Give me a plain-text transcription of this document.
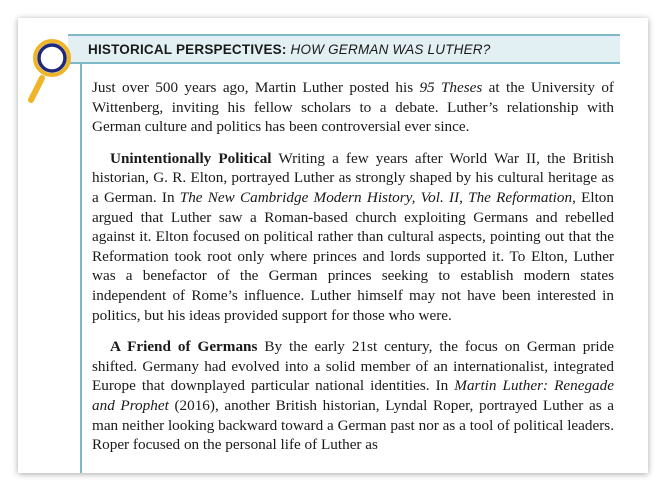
HISTORICAL PERSPECTIVES: HOW GERMAN WAS LUTHER?

Just over 500 years ago, Martin Luther posted his 95 Theses at the University of Wittenberg, inviting his fellow scholars to a debate. Luther’s relationship with German culture and politics has been controversial ever since.

Unintentionally Political Writing a few years after World War II, the British historian, G. R. Elton, portrayed Luther as strongly shaped by his cultural heritage as a German. In The New Cambridge Modern History, Vol. II, The Reformation, Elton argued that Luther saw a Roman-based church exploiting Germans and rebelled against it. Elton focused on political rather than cultural aspects, pointing out that the Reformation took root only where princes and lords supported it. To Elton, Luther was a benefactor of the German princes seeking to establish modern states independent of Rome’s influence. Luther himself may not have been interested in politics, but his ideas provided support for those who were.

A Friend of Germans By the early 21st century, the focus on German pride shifted. Germany had evolved into a solid member of an internationalist, integrated Europe that downplayed particular national identities. In Martin Luther: Renegade and Prophet (2016), another British historian, Lyndal Roper, portrayed Luther as a man neither looking backward toward a German past nor as a tool of political leaders. Roper focused on the personal life of Luther as
